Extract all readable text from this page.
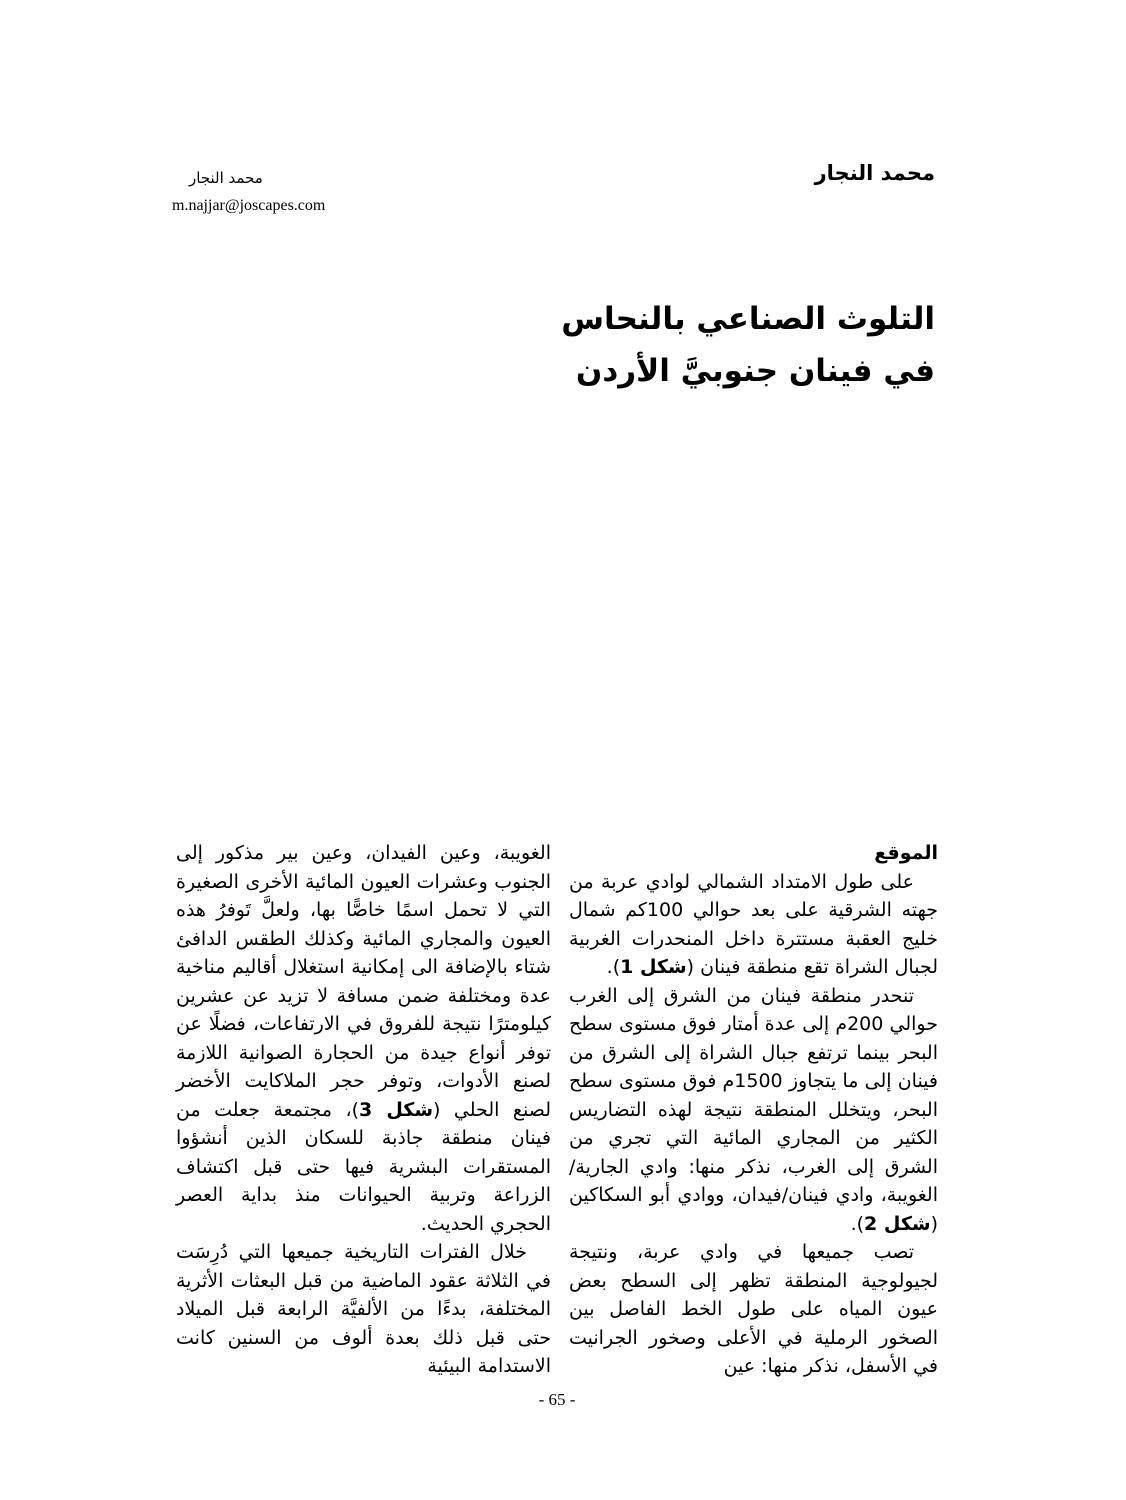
محمد النجار
محمد النجار
m.najjar@joscapes.com
التلوث الصناعي بالنحاس
في فينان جنوبيَّ الأردن
الموقع

على طول الامتداد الشمالي لوادي عربة من جهته الشرقية على بعد حوالي 100كم شمال خليج العقبة مستترة داخل المنحدرات الغربية لجبال الشراة تقع منطقة فينان (شكل 1).

تنحدر منطقة فينان من الشرق إلى الغرب حوالي 200م إلى عدة أمتار فوق مستوى سطح البحر بينما ترتفع جبال الشراة إلى الشرق من فينان إلى ما يتجاوز 1500م فوق مستوى سطح البحر، ويتخلل المنطقة نتيجة لهذه التضاريس الكثير من المجاري المائية التي تجري من الشرق إلى الغرب، نذكر منها: وادي الجارية/الغويبة، وادي فينان/فيدان، ووادي أبو السكاكين (شكل 2).

تصب جميعها في وادي عربة، ونتيجة لجيولوجية المنطقة تظهر إلى السطح بعض عيون المياه على طول الخط الفاصل بين الصخور الرملية في الأعلى وصخور الجرانيت في الأسفل، نذكر منها: عين

الغويبة، وعين الفيدان، وعين بير مذكور إلى الجنوب وعشرات العيون المائية الأخرى الصغيرة التي لا تحمل اسمًا خاصًّا بها، ولعلَّ تَوفرُ هذه العيون والمجاري المائية وكذلك الطقس الدافئ شتاء بالإضافة الى إمكانية استغلال أقاليم مناخية عدة ومختلفة ضمن مسافة لا تزيد عن عشرين كيلومترًا نتيجة للفروق في الارتفاعات، فضلًا عن توفر أنواع جيدة من الحجارة الصوانية اللازمة لصنع الأدوات، وتوفر حجر الملاكايت الأخضر لصنع الحلي (شكل 3)، مجتمعة جعلت من فينان منطقة جاذبة للسكان الذين أنشؤوا المستقرات البشرية فيها حتى قبل اكتشاف الزراعة وتربية الحيوانات منذ بداية العصر الحجري الحديث.

خلال الفترات التاريخية جميعها التي دُرِسَت في الثلاثة عقود الماضية من قبل البعثات الأثرية المختلفة، بدءًا من الألفيَّة الرابعة قبل الميلاد حتى قبل ذلك بعدة ألوف من السنين كانت الاستدامة البيئية

- 65 -
